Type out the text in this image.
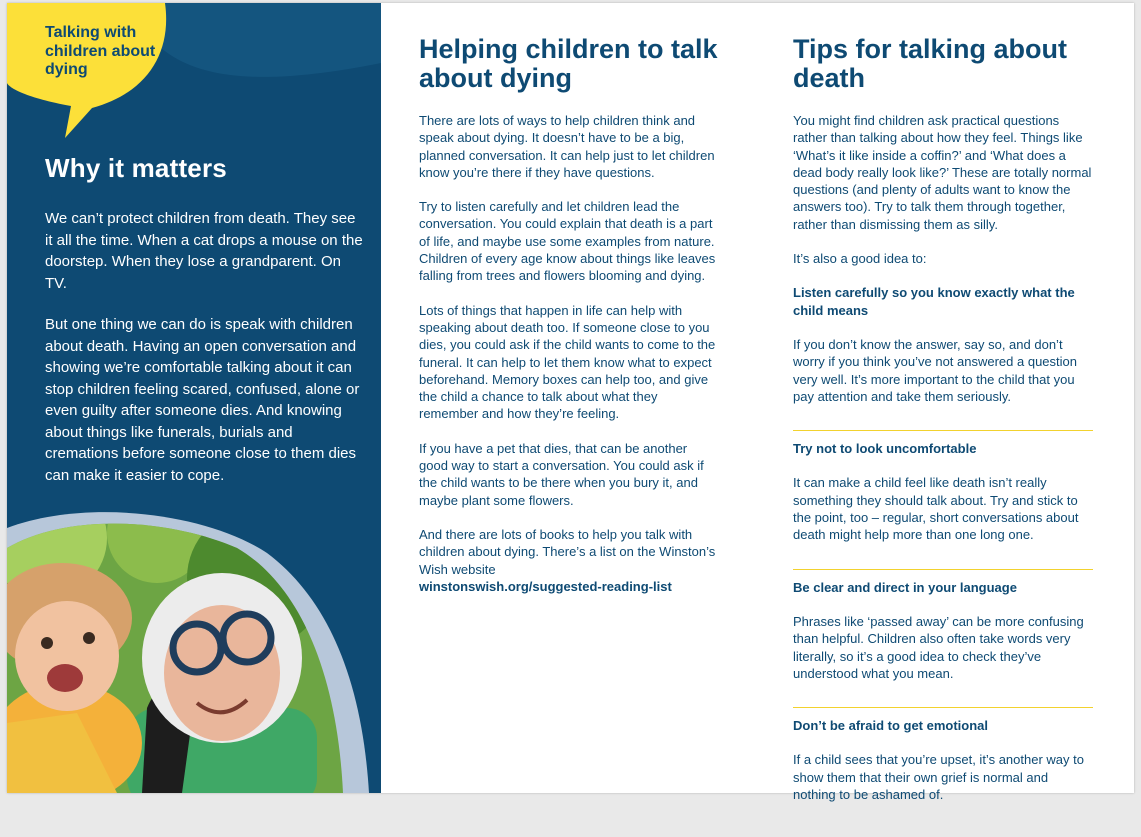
Talking with children about dying
Why it matters

We can’t protect children from death. They see it all the time. When a cat drops a mouse on the doorstep. When they lose a grandparent. On TV.

But one thing we can do is speak with children about death. Having an open conversation and showing we’re comfortable talking about it can stop children feeling scared, confused, alone or even guilty after someone dies. And knowing about things like funerals, burials and cremations before someone close to them dies can make it easier to cope.

Helping children to talk about dying

There are lots of ways to help children think and speak about dying. It doesn’t have to be a big, planned conversation. It can help just to let children know you’re there if they have questions.

Try to listen carefully and let children lead the conversation. You could explain that death is a part of life, and maybe use some examples from nature. Children of every age know about things like leaves falling from trees and flowers blooming and dying.

Lots of things that happen in life can help with speaking about death too. If someone close to you dies, you could ask if the child wants to come to the funeral. It can help to let them know what to expect beforehand. Memory boxes can help too, and give the child a chance to talk about what they remember and how they’re feeling.

If you have a pet that dies, that can be another good way to start a conversation. You could ask if the child wants to be there when you bury it, and maybe plant some flowers.

And there are lots of books to help you talk with children about dying. There’s a list on the Winston’s Wish website

winstonswish.org/suggested-reading-list

Tips for talking about death

You might find children ask practical questions rather than talking about how they feel. Things like ‘What’s it like inside a coffin?’ and ‘What does a dead body really look like?’ These are totally normal questions (and plenty of adults want to know the answers too). Try to talk them through together, rather than dismissing them as silly.

It’s also a good idea to:

Listen carefully so you know exactly what the child means

If you don’t know the answer, say so, and don’t worry if you think you’ve not answered a question very well. It’s more important to the child that you pay attention and take them seriously.

Try not to look uncomfortable

It can make a child feel like death isn’t really something they should talk about. Try and stick to the point, too – regular, short conversations about death might help more than one long one.

Be clear and direct in your language

Phrases like ‘passed away’ can be more confusing than helpful. Children also often take words very literally, so it’s a good idea to check they’ve understood what you mean.

Don’t be afraid to get emotional

If a child sees that you’re upset, it’s another way to show them that their own grief is normal and nothing to be ashamed of.
